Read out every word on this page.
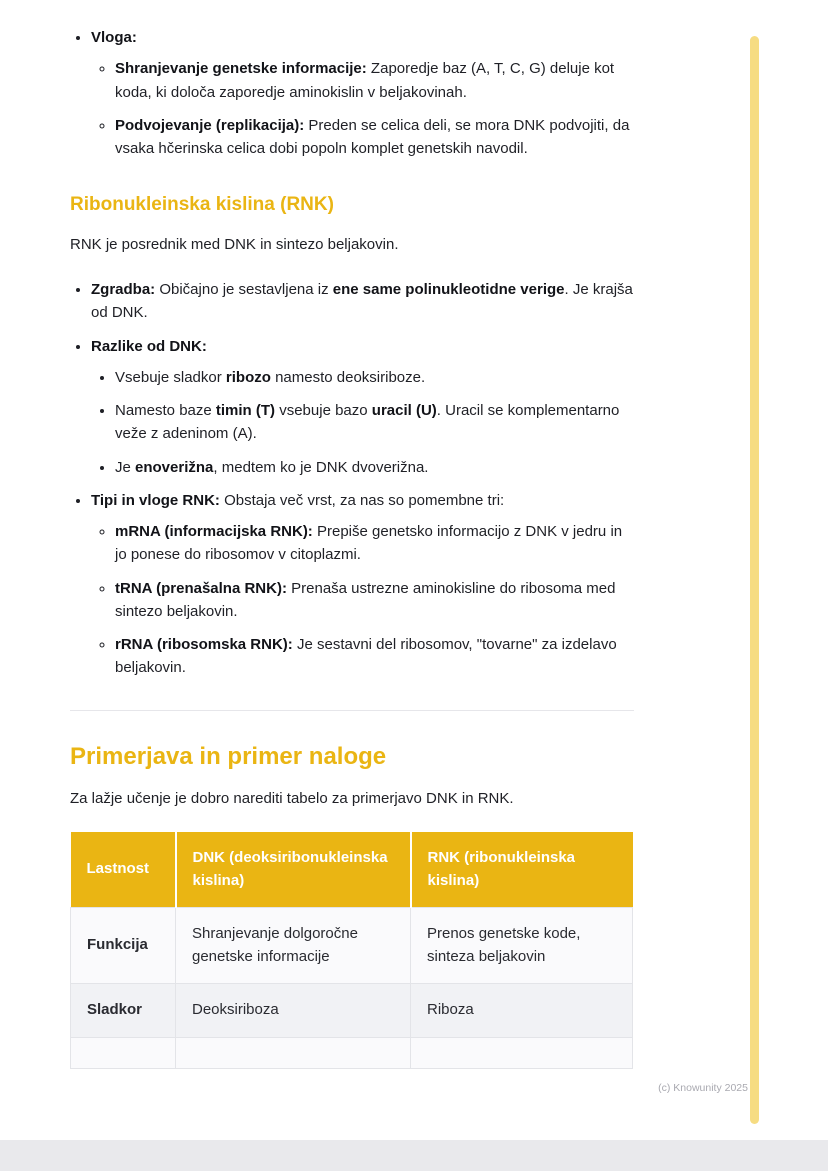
• Vloga:
◦ Shranjevanje genetske informacije: Zaporedje baz (A, T, C, G) deluje kot koda, ki določa zaporedje aminokislin v beljakovinah.
◦ Podvojevanje (replikacija): Preden se celica deli, se mora DNK podvojiti, da vsaka hčerinska celica dobi popoln komplet genetskih navodil.
Ribonukleinska kislina (RNK)

RNK je posrednik med DNK in sintezo beljakovin.

• Zgradba: Običajno je sestavljena iz ene same polinukleotidne verige. Je krajša od DNK.
• Razlike od DNK:
• Vsebuje sladkor ribozo namesto deoksiriboze.
• Namesto baze timin (T) vsebuje bazo uracil (U). Uracil se komplementarno veže z adeninom (A).
• Je enoverižna, medtem ko je DNK dvoverižna.
• Tipi in vloge RNK: Obstaja več vrst, za nas so pomembne tri:
◦ mRNA (informacijska RNK): Prepiše genetsko informacijo z DNK v jedru in jo ponese do ribosomov v citoplazmi.
◦ tRNA (prenašalna RNK): Prenaša ustrezne aminokisline do ribosoma med sintezo beljakovin.
◦ rRNA (ribosomska RNK): Je sestavni del ribosomov, "tovarne" za izdelavo beljakovin.
Primerjava in primer naloge

Za lažje učenje je dobro narediti tabelo za primerjavo DNK in RNK.

Lastnost	DNK (deoksiribonukleinska kislina)	RNK (ribonukleinska kislina)
Funkcija	Shranjevanje dolgoročne genetske informacije	Prenos genetske kode, sinteza beljakovin
Sladkor	Deoksiriboza	Riboza

(c) Knowunity 2025
